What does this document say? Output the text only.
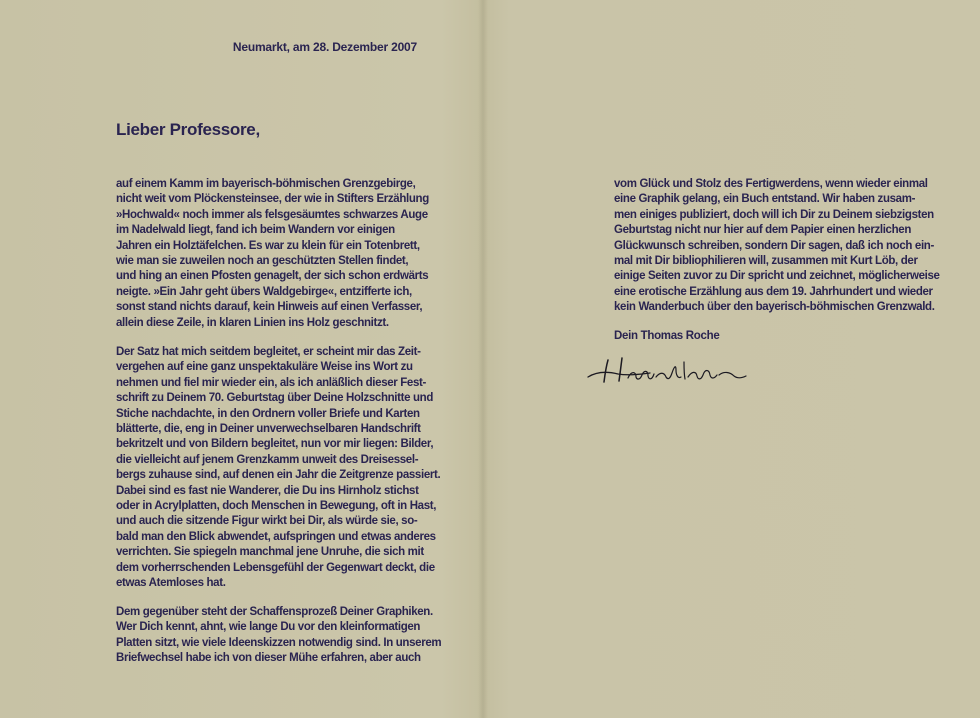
Neumarkt, am 28. Dezember 2007
Lieber Professore,

auf einem Kamm im bayerisch-böhmischen Grenzgebirge,
nicht weit vom Plöckensteinsee, der wie in Stifters Erzählung
»Hochwald« noch immer als felsgesäumtes schwarzes Auge
im Nadelwald liegt, fand ich beim Wandern vor einigen
Jahren ein Holztäfelchen. Es war zu klein für ein Totenbrett,
wie man sie zuweilen noch an geschützten Stellen findet,
und hing an einen Pfosten genagelt, der sich schon erdwärts
neigte. »Ein Jahr geht übers Waldgebirge«, entzifferte ich,
sonst stand nichts darauf, kein Hinweis auf einen Verfasser,
allein diese Zeile, in klaren Linien ins Holz geschnitzt.

Der Satz hat mich seitdem begleitet, er scheint mir das Zeit-
vergehen auf eine ganz unspektakuläre Weise ins Wort zu
nehmen und fiel mir wieder ein, als ich anläßlich dieser Fest-
schrift zu Deinem 70. Geburtstag über Deine Holzschnitte und
Stiche nachdachte, in den Ordnern voller Briefe und Karten
blätterte, die, eng in Deiner unverwechselbaren Handschrift
bekritzelt und von Bildern begleitet, nun vor mir liegen: Bilder,
die vielleicht auf jenem Grenzkamm unweit des Dreisessel-
bergs zuhause sind, auf denen ein Jahr die Zeitgrenze passiert.
Dabei sind es fast nie Wanderer, die Du ins Hirnholz stichst
oder in Acrylplatten, doch Menschen in Bewegung, oft in Hast,
und auch die sitzende Figur wirkt bei Dir, als würde sie, so-
bald man den Blick abwendet, aufspringen und etwas anderes
verrichten. Sie spiegeln manchmal jene Unruhe, die sich mit
dem vorherrschenden Lebensgefühl der Gegenwart deckt, die
etwas Atemloses hat.

Dem gegenüber steht der Schaffensprozeß Deiner Graphiken.
Wer Dich kennt, ahnt, wie lange Du vor den kleinformatigen
Platten sitzt, wie viele Ideenskizzen notwendig sind. In unserem
Briefwechsel habe ich von dieser Mühe erfahren, aber auch

vom Glück und Stolz des Fertigwerdens, wenn wieder einmal
eine Graphik gelang, ein Buch entstand. Wir haben zusam-
men einiges publiziert, doch will ich Dir zu Deinem siebzigsten
Geburtstag nicht nur hier auf dem Papier einen herzlichen
Glückwunsch schreiben, sondern Dir sagen, daß ich noch ein-
mal mit Dir bibliophilieren will, zusammen mit Kurt Löb, der
einige Seiten zuvor zu Dir spricht und zeichnet, möglicherweise
eine erotische Erzählung aus dem 19. Jahrhundert und wieder
kein Wanderbuch über den bayerisch-böhmischen Grenzwald.

Dein Thomas Roche
